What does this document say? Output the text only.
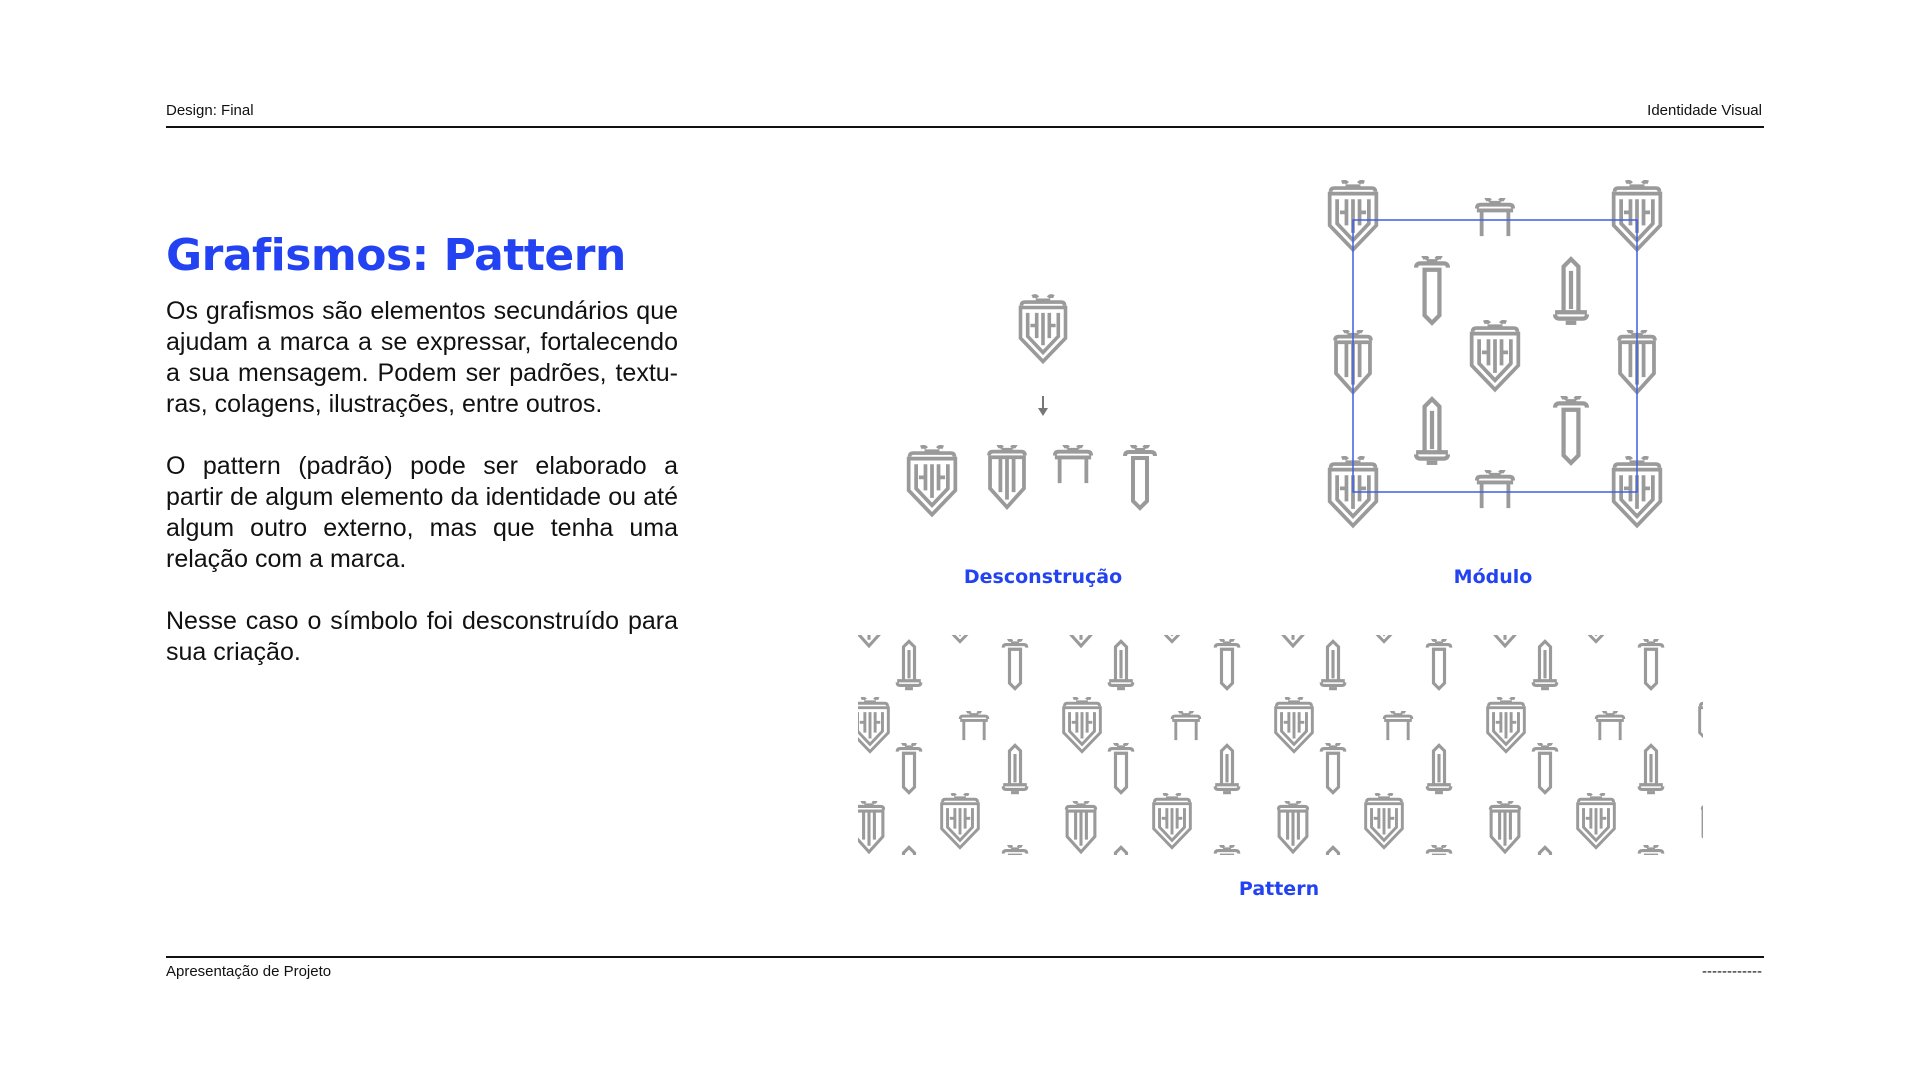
Design: Final	Identidade Visual
Grafismos: Pattern

Os grafismos são elementos secundários que ajudam a marca a se expressar, fortalecendo a sua mensagem. Podem ser padrões, textu-ras, colagens, ilustrações, entre outros.

O pattern (padrão) pode ser elaborado a partir de algum elemento da identidade ou até algum outro externo, mas que tenha uma relação com a marca.

Nesse caso o símbolo foi desconstruído para sua criação.

Desconstrução	Módulo
Pattern
Apresentação de Projeto	------------
